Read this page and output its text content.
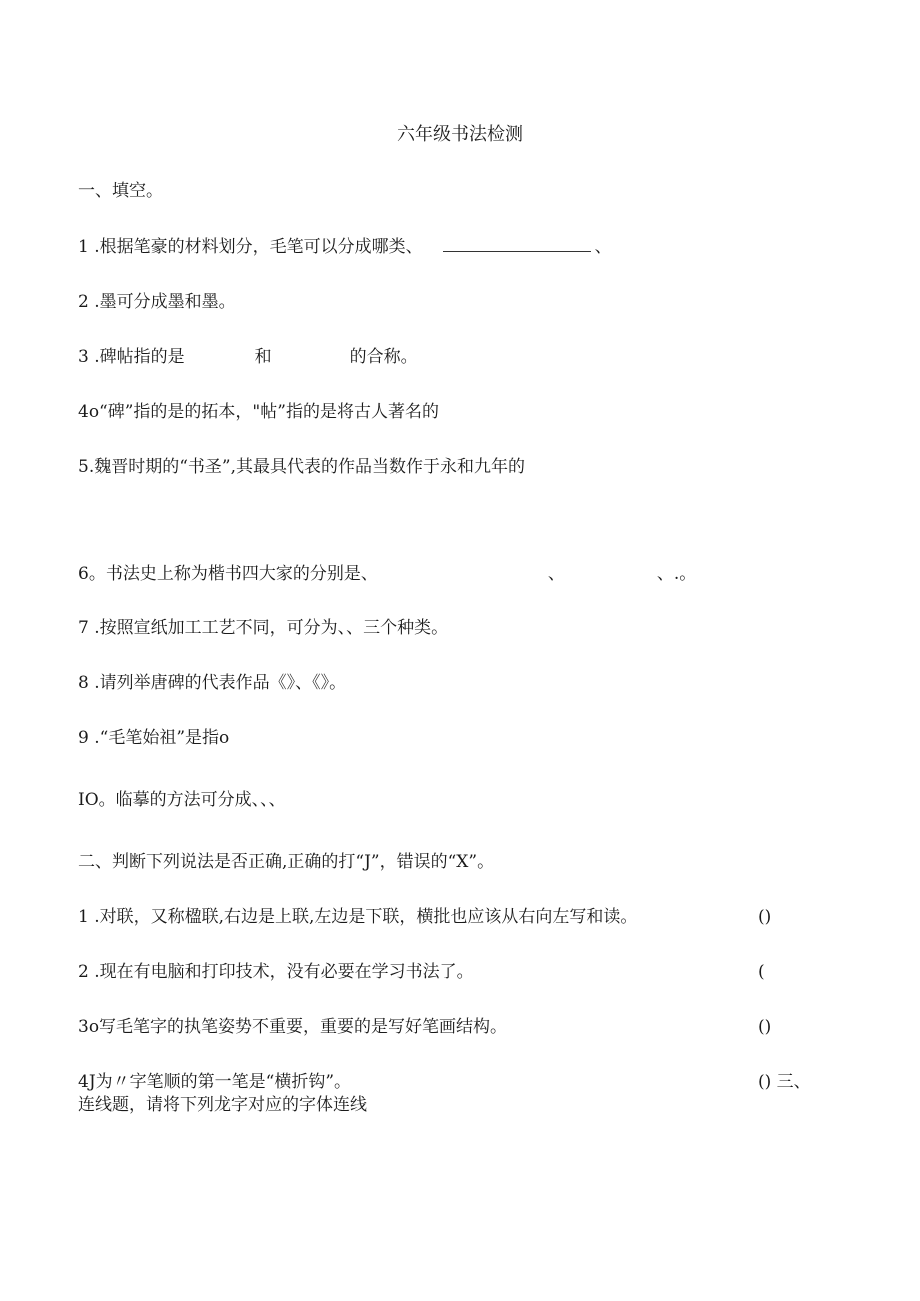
六年级书法检测
一、填空。
1 .根据笔豪的材料划分，毛笔可以分成哪类、	、
2 .墨可分成墨和墨。
3 .碑帖指的是	和	的合称。
4o“碑”指的是的拓本，"帖”指的是将古人著名的
5.魏晋时期的“书圣”,其最具代表的作品当数作于永和九年的
6。书法史上称为楷书四大家的分别是、	、	、.。
7 .按照宣纸加工工艺不同，可分为、、三个种类。
8 .请列举唐碑的代表作品《》、《》。
9 .“毛笔始祖”是指o
IO。临摹的方法可分成、、、
二、判断下列说法是否正确,正确的打“J”，错误的“X”。
1 .对联，又称楹联,右边是上联,左边是下联，横批也应该从右向左写和读。	()
2 .现在有电脑和打印技术，没有必要在学习书法了。	(
3o写毛笔字的执笔姿势不重要，重要的是写好笔画结构。	()
4J为〃字笔顺的第一笔是“横折钩”。	() 三、
连线题，请将下列龙字对应的字体连线
